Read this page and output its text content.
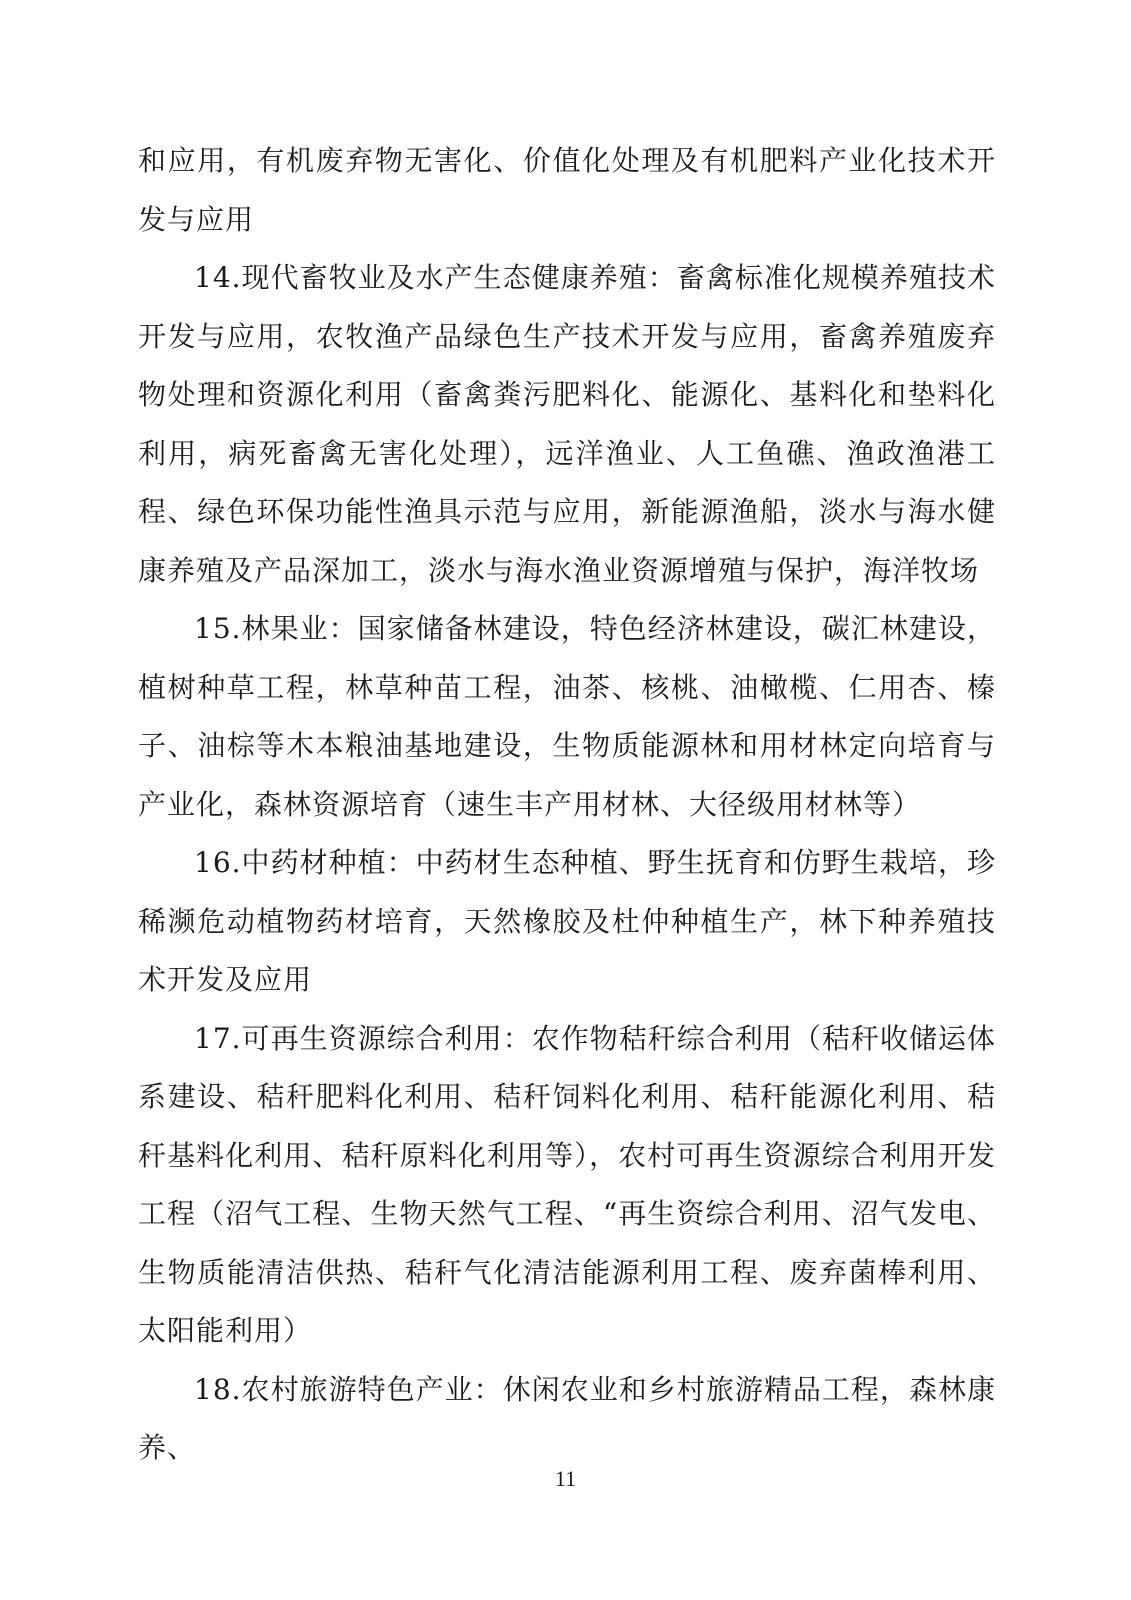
和应用，有机废弃物无害化、价值化处理及有机肥料产业化技术开发与应用

14.现代畜牧业及水产生态健康养殖：畜禽标准化规模养殖技术开发与应用，农牧渔产品绿色生产技术开发与应用，畜禽养殖废弃物处理和资源化利用（畜禽粪污肥料化、能源化、基料化和垫料化利用，病死畜禽无害化处理），远洋渔业、人工鱼礁、渔政渔港工程、绿色环保功能性渔具示范与应用，新能源渔船，淡水与海水健康养殖及产品深加工，淡水与海水渔业资源增殖与保护，海洋牧场

15.林果业：国家储备林建设，特色经济林建设，碳汇林建设，植树种草工程，林草种苗工程，油茶、核桃、油橄榄、仁用杏、榛子、油棕等木本粮油基地建设，生物质能源林和用材林定向培育与产业化，森林资源培育（速生丰产用材林、大径级用材林等）

16.中药材种植：中药材生态种植、野生抚育和仿野生栽培，珍稀濒危动植物药材培育，天然橡胶及杜仲种植生产，林下种养殖技术开发及应用

17.可再生资源综合利用：农作物秸秆综合利用（秸秆收储运体系建设、秸秆肥料化利用、秸秆饲料化利用、秸秆能源化利用、秸秆基料化利用、秸秆原料化利用等），农村可再生资源综合利用开发工程（沼气工程、生物天然气工程、“再生资综合利用、沼气发电、生物质能清洁供热、秸秆气化清洁能源利用工程、废弃菌棒利用、太阳能利用）

18.农村旅游特色产业：休闲农业和乡村旅游精品工程，森林康养、

11
